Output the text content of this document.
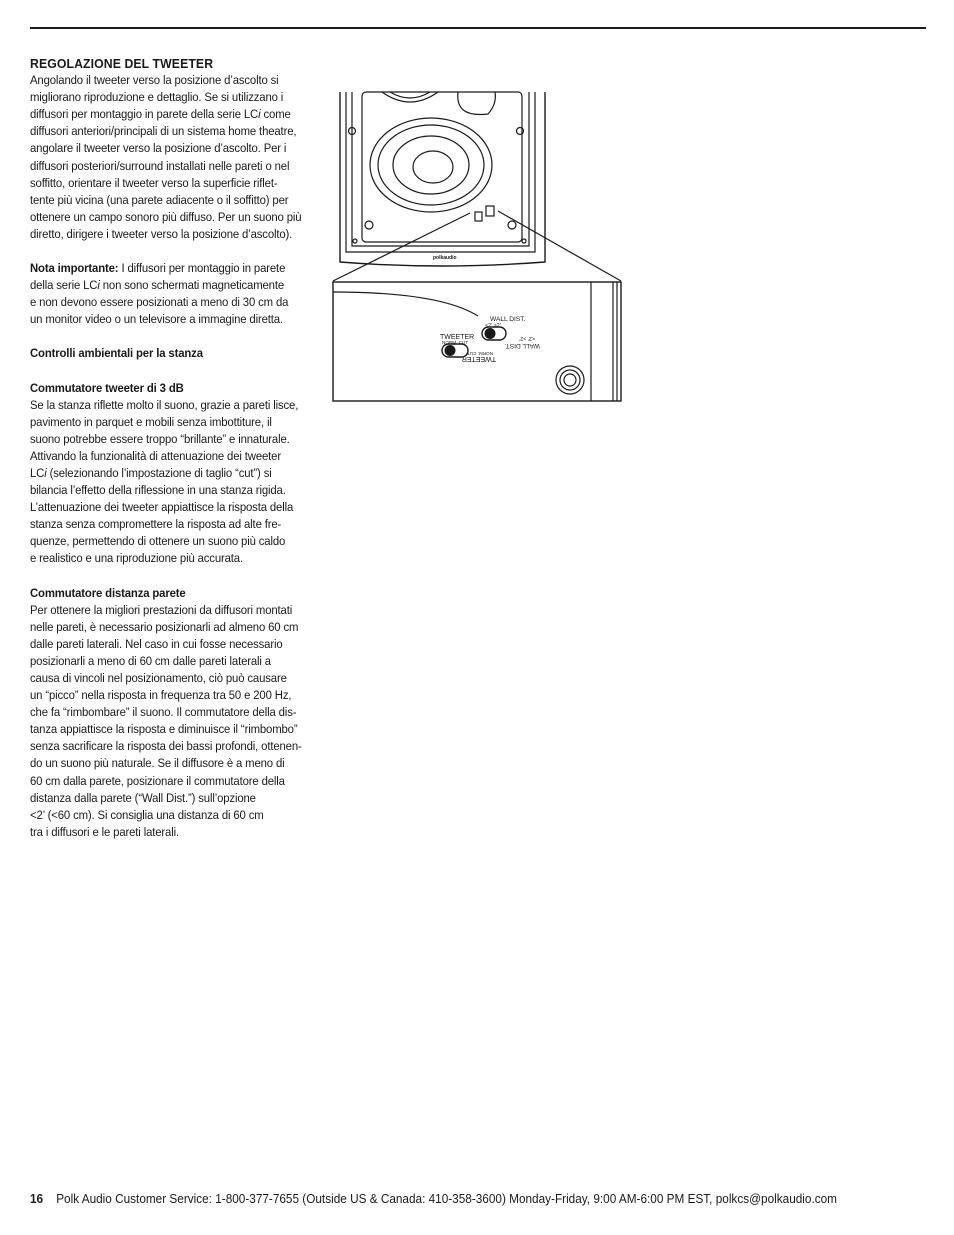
REGOLAZIONE DEL TWEETER

Angolando il tweeter verso la posizione d’ascolto si
migliorano riproduzione e dettaglio. Se si utilizzano i
diffusori per montaggio in parete della serie LCi come
diffusori anteriori/principali di un sistema home theatre,
angolare il tweeter verso la posizione d’ascolto. Per i
diffusori posteriori/surround installati nelle pareti o nel
soffitto, orientare il tweeter verso la superficie riflet-
tente più vicina (una parete adiacente o il soffitto) per
ottenere un campo sonoro più diffuso. Per un suono più
diretto, dirigere i tweeter verso la posizione d’ascolto).

Nota importante: I diffusori per montaggio in parete
della serie LCi non sono schermati magneticamente
e non devono essere posizionati a meno di 30 cm da
un monitor video o un televisore a immagine diretta.

Controlli ambientali per la stanza

Commutatore tweeter di 3 dB

Se la stanza riflette molto il suono, grazie a pareti lisce,
pavimento in parquet e mobili senza imbottiture, il
suono potrebbe essere troppo “brillante” e innaturale.
Attivando la funzionalità di attenuazione dei tweeter
LCi (selezionando l’impostazione di taglio “cut”) si
bilancia l’effetto della riflessione in una stanza rigida.
L’attenuazione dei tweeter appiattisce la risposta della
stanza senza compromettere la risposta ad alte fre-
quenze, permettendo di ottenere un suono più caldo
e realistico e una riproduzione più accurata.

Commutatore distanza parete

Per ottenere la migliori prestazioni da diffusori montati
nelle pareti, è necessario posizionarli ad almeno 60 cm
dalle pareti laterali. Nel caso in cui fosse necessario
posizionarli a meno di 60 cm dalle pareti laterali a
causa di vincoli nel posizionamento, ciò può causare
un “picco” nella risposta in frequenza tra 50 e 200 Hz,
che fa “rimbombare” il suono. Il commutatore della dis-
tanza appiattisce la risposta e diminuisce il “rimbombo”
senza sacrificare la risposta dei bassi profondi, ottenen-
do un suono più naturale. Se il diffusore è a meno di
60 cm dalla parete, posizionare il commutatore della
distanza dalla parete (“Wall Dist.”) sull’opzione
<2’ (<60 cm). Si consiglia una distanza di 60 cm
tra i diffusori e le pareti laterali.

polkaudio
TWEETER
NORM. CUT
WALL DIST.
<2’ >2’
TWEETER
NORM. CUT
WALL DIST.
<2’ >2’
16 Polk Audio Customer Service: 1-800-377-7655 (Outside US & Canada: 410-358-3600) Monday-Friday, 9:00 AM-6:00 PM EST, polkcs@polkaudio.com
